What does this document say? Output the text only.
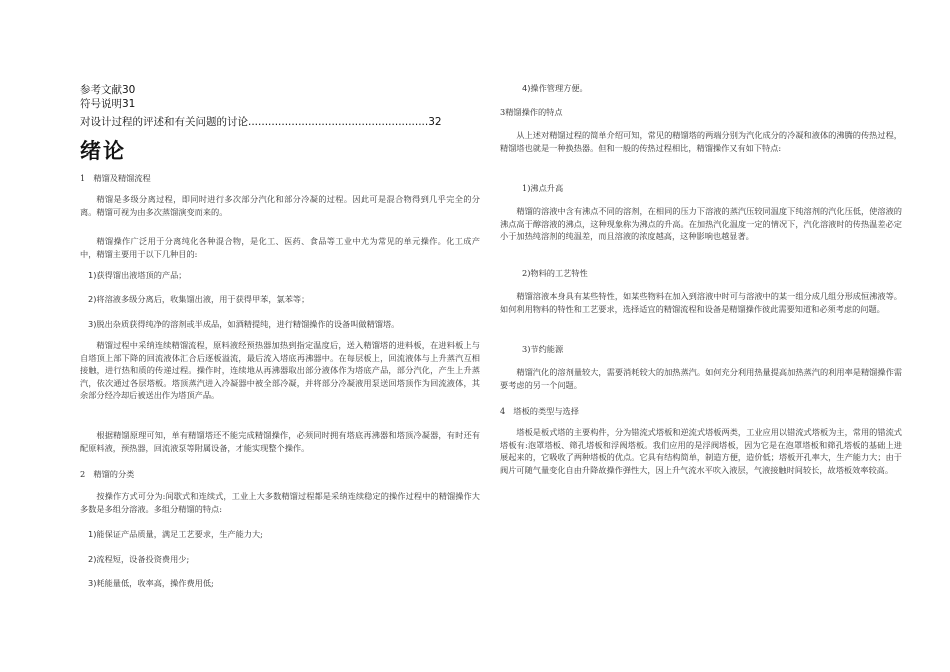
参考文献30
符号说明31
对设计过程的评述和有关问题的讨论......................................................32
绪论
1　精馏及精馏流程

精馏是多级分离过程，即同时进行多次部分汽化和部分冷凝的过程。因此可是混合物得到几乎完全的分离。精馏可视为由多次蒸馏演变而来的。

精馏操作广泛用于分离纯化各种混合物，是化工、医药、食品等工业中尤为常见的单元操作。化工成产中，精馏主要用于以下几种目的:

1)获得馏出液塔顶的产品；
2)将溶液多级分离后，收集馏出液，用于获得甲苯，氯苯等；
3)脱出杂质获得纯净的溶剂或半成品，如酒精提纯，进行精馏操作的设备叫做精馏塔。

精馏过程中采纳连续精馏流程，原料液经预热器加热到指定温度后，送入精馏塔的进料板，在进料板上与自塔顶上部下降的回流液体汇合后逐板溢流，最后流入塔底再沸器中。在每层板上，回流液体与上升蒸汽互相接触，进行热和质的传递过程。操作时，连续地从再沸器取出部分液体作为塔底产品，部分汽化，产生上升蒸汽，依次通过各层塔板。塔顶蒸汽进入冷凝器中被全部冷凝，并将部分冷凝液用泵送回塔顶作为回流液体，其余部分经冷却后被送出作为塔顶产品。

根据精馏原理可知，单有精馏塔还不能完成精馏操作，必须同时拥有塔底再沸器和塔顶冷凝器，有时还有配原料液，预热器，回流液泵等附属设备，才能实现整个操作。

2　精馏的分类

按操作方式可分为:间歇式和连续式，工业上大多数精馏过程都是采纳连续稳定的操作过程中的精馏操作大多数是多组分溶液。多组分精馏的特点:

1)能保证产品质量，满足工艺要求，生产能力大;
2)流程短，设备投资费用少;
3)耗能量低，收率高，操作费用低;
4)操作管理方便。
3精馏操作的特点

从上述对精馏过程的简单介绍可知，常见的精馏塔的两端分别为汽化成分的冷凝和液体的沸腾的传热过程，精馏塔也就是一种换热器。但和一般的传热过程相比，精馏操作又有如下特点:

1)沸点升高

精馏的溶液中含有沸点不同的溶剂，在相同的压力下溶液的蒸汽压较同温度下纯溶剂的汽化压低，使溶液的沸点高于醇溶液的沸点，这种现象称为沸点的升高。在加热汽化温度一定的情况下，汽化溶液时的传热温差必定小于加热纯溶剂的纯温差，而且溶液的浓度越高，这种影响也越显著。

2)物料的工艺特性

精馏溶液本身具有某些特性，如某些物料在加入到溶液中时可与溶液中的某一组分成几组分形成恒沸液等。如何利用物料的特性和工艺要求，选择适宜的精馏流程和设备是精馏操作彼此需要知道和必须考虑的问题。

3)节约能源

精馏汽化的溶剂量较大，需要消耗较大的加热蒸汽。如何充分利用热量提高加热蒸汽的利用率是精馏操作需要考虑的另一个问题。

4　塔板的类型与选择

塔板是板式塔的主要构件，分为错流式塔板和逆流式塔板两类，工业应用以错流式塔板为主，常用的错流式塔板有:泡罩塔板、筛孔塔板和浮阀塔板。我们应用的是浮阀塔板，因为它是在泡罩塔板和筛孔塔板的基础上进展起来的，它吸收了两种塔板的优点。它具有结构简单，制造方便，造价低；塔板开孔率大，生产能力大；由于阀片可随气量变化自由升降故操作弹性大，因上升气流水平吹入液层，气液接触时间较长，故塔板效率较高。
